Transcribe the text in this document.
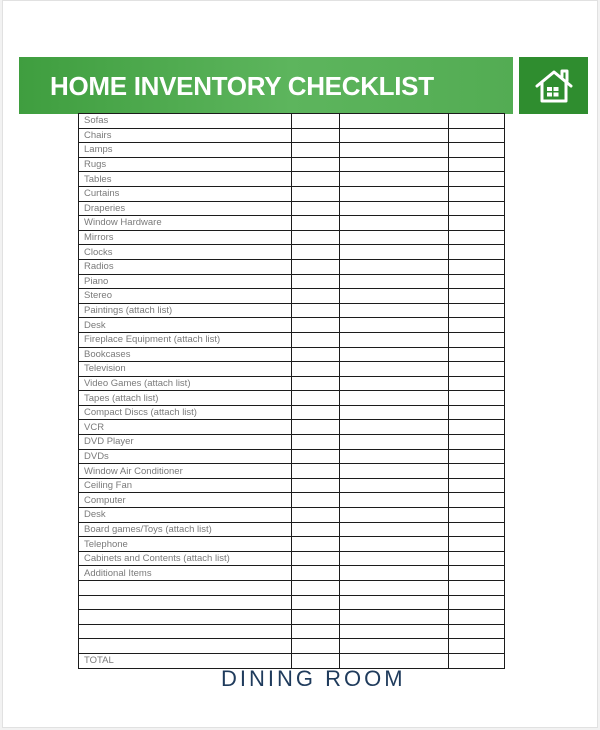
HOME INVENTORY CHECKLIST
Sofas			
Chairs			
Lamps			
Rugs			
Tables			
Curtains			
Draperies			
Window Hardware			
Mirrors			
Clocks			
Radios			
Piano			
Stereo			
Paintings (attach list)			
Desk			
Fireplace Equipment (attach list)			
Bookcases			
Television			
Video Games (attach list)			
Tapes (attach list)			
Compact Discs (attach list)			
VCR			
DVD Player			
DVDs			
Window Air Conditioner			
Ceiling Fan			
Computer			
Desk			
Board games/Toys (attach list)			
Telephone			
Cabinets and Contents (attach list)			
Additional Items			

TOTAL			
DINING ROOM
